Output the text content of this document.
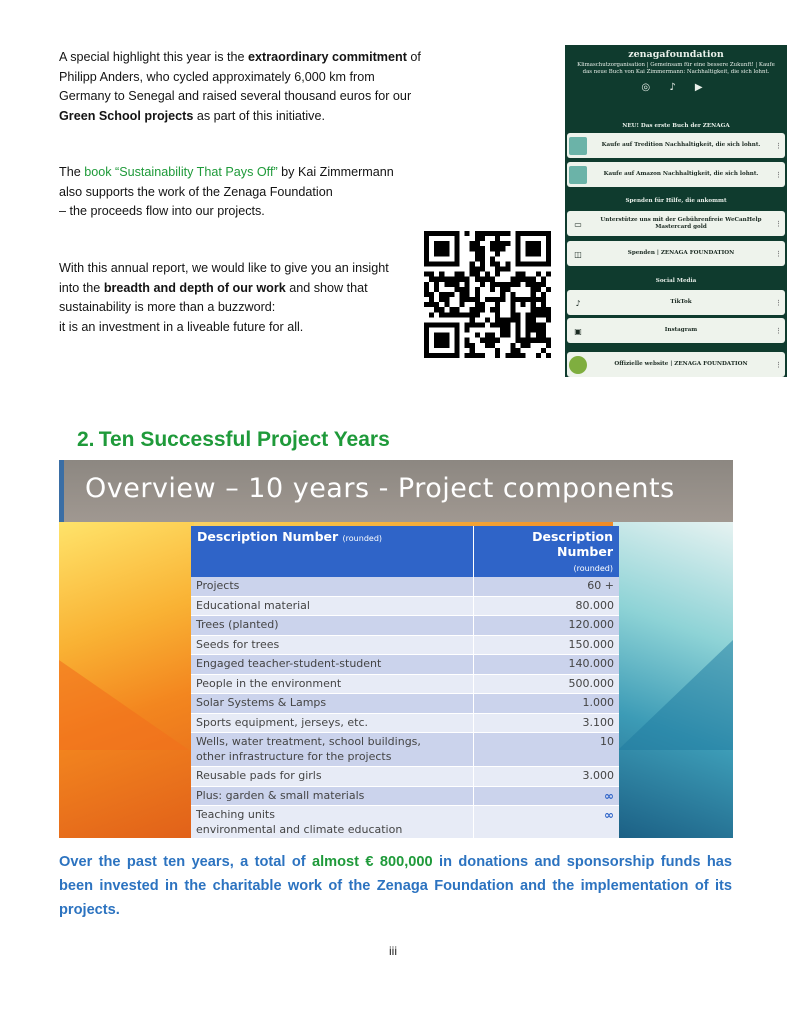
A special highlight this year is the extraordinary commitment of Philipp Anders, who cycled approximately 6,000 km from Germany to Senegal and raised several thousand euros for our Green School projects as part of this initiative.

The book “Sustainability That Pays Off” by Kai Zimmermann also supports the work of the Zenaga Foundation
– the proceeds flow into our projects.

With this annual report, we would like to give you an insight into the breadth and depth of our work and show that sustainability is more than a buzzword:
it is an investment in a liveable future for all.

zenagafoundation
Klimaschutzorganisation | Gemeinsam für eine bessere Zukunft! | Kaufe das neue Buch von Kai Zimmermann: Nachhaltigkeit, die sich lohnt.
◎ ♪ ▶
NEU! Das erste Buch der ZENAGA
Kaufe auf Tredition Nachhaltigkeit, die sich lohnt.	⋮
Kaufe auf Amazon Nachhaltigkeit, die sich lohnt.	⋮
Spenden für Hilfe, die ankommt
▭	Unterstütze uns mit der Gebührenfreie WeCanHelp Mastercard gold	⋮
◫	Spenden | ZENAGA FOUNDATION	⋮
Social Media
♪	TikTok	⋮
▣	Instagram	⋮
Offizielle website | ZENAGA FOUNDATION	⋮
2. Ten Successful Project Years
Overview – 10 years - Project components
Description Number (rounded)	Description Number
(rounded)
Projects	60 +
Educational material	80.000
Trees (planted)	120.000
Seeds for trees	150.000
Engaged teacher-student-student	140.000
People in the environment	500.000
Solar Systems & Lamps	1.000
Sports equipment, jerseys, etc.	3.100
Wells, water treatment, school buildings,
other infrastructure for the projects	10
Reusable pads for girls	3.000
Plus: garden & small materials	∞
Teaching units
environmental and climate education	∞

Over the past ten years, a total of almost € 800,000 in donations and sponsorship funds has been invested in the charitable work of the Zenaga Foundation and the implementation of its projects.

iii
